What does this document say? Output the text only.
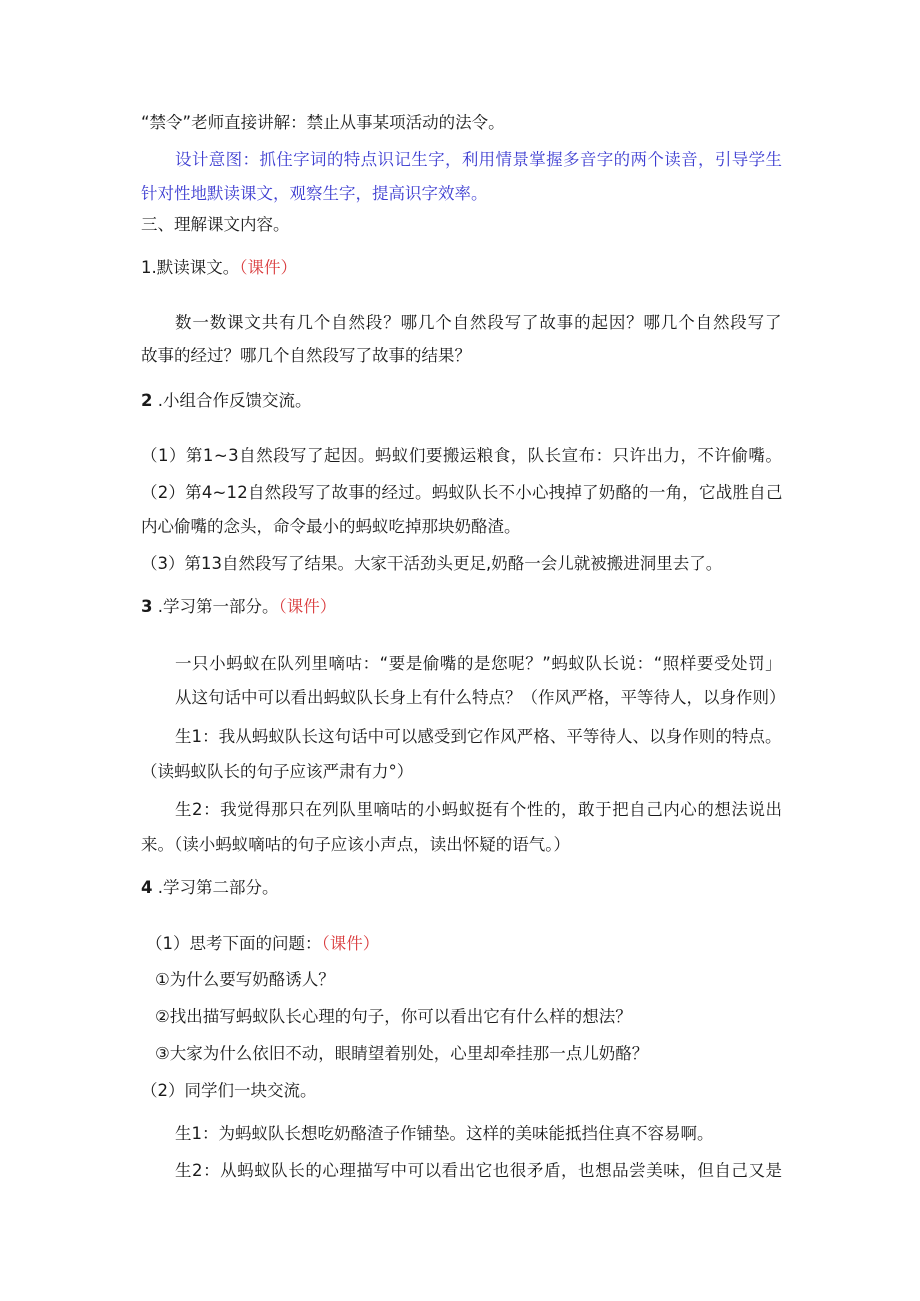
“禁令”老师直接讲解：禁止从事某项活动的法令。
设计意图：抓住字词的特点识记生字，利用情景掌握多音字的两个读音，引导学生
针对性地默读课文，观察生字，提高识字效率。
三、理解课文内容。
1.默读课文。（课件）
数一数课文共有几个自然段？哪几个自然段写了故事的起因？哪几个自然段写了
故事的经过？哪几个自然段写了故事的结果？
2 .小组合作反馈交流。
（1）第1~3自然段写了起因。蚂蚁们要搬运粮食，队长宣布：只许出力，不许偷嘴。
（2）第4~12自然段写了故事的经过。蚂蚁队长不小心拽掉了奶酪的一角，它战胜自己
内心偷嘴的念头，命令最小的蚂蚁吃掉那块奶酪渣。
（3）第13自然段写了结果。大家干活劲头更足,奶酪一会儿就被搬进洞里去了。
3 .学习第一部分。（课件）
一只小蚂蚁在队列里嘀咕：“要是偷嘴的是您呢？”蚂蚁队长说：“照样要受处罚」
从这句话中可以看出蚂蚁队长身上有什么特点？（作风严格，平等待人，以身作则）
生1：我从蚂蚁队长这句话中可以感受到它作风严格、平等待人、以身作则的特点。
（读蚂蚁队长的句子应该严肃有力°）
生2：我觉得那只在列队里嘀咕的小蚂蚁挺有个性的，敢于把自己内心的想法说出
来。（读小蚂蚁嘀咕的句子应该小声点，读出怀疑的语气。）
4 .学习第二部分。
（1）思考下面的问题：（课件）
①为什么要写奶酪诱人？
②找出描写蚂蚁队长心理的句子，你可以看出它有什么样的想法？
③大家为什么依旧不动，眼睛望着别处，心里却牵挂那一点儿奶酪？
（2）同学们一块交流。
生1：为蚂蚁队长想吃奶酪渣子作铺垫。这样的美味能抵挡住真不容易啊。
生2：从蚂蚁队长的心理描写中可以看出它也很矛盾，也想品尝美味，但自己又是
